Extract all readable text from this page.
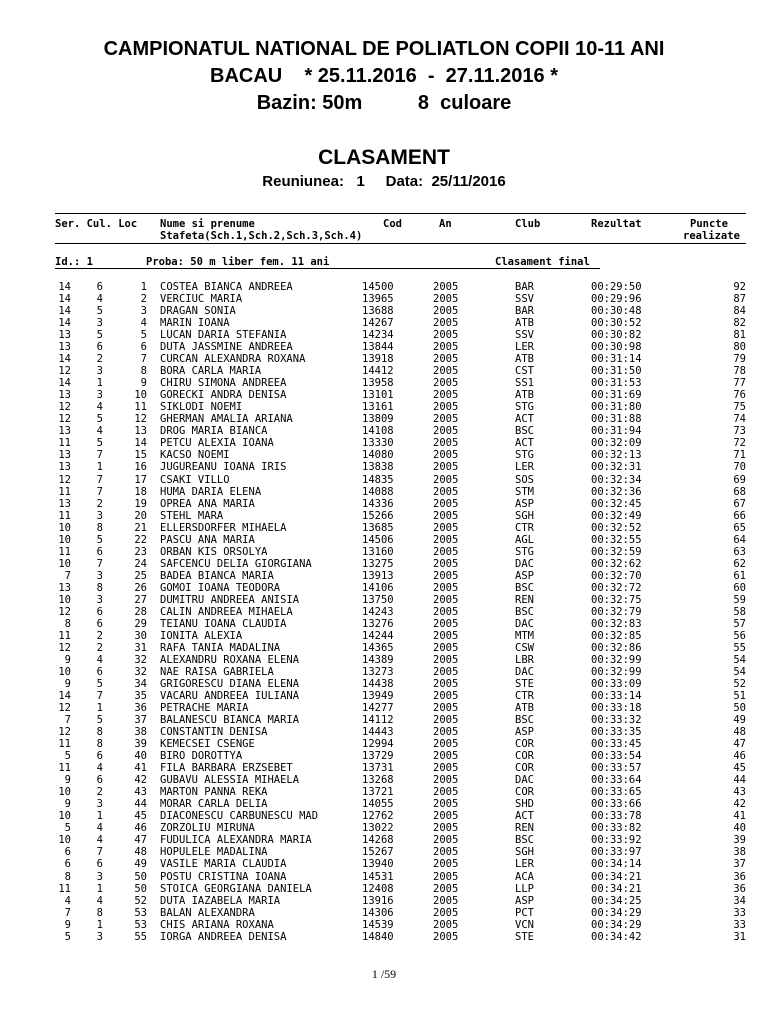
CAMPIONATUL NATIONAL DE POLIATLON COPII 10-11 ANI
BACAU    * 25.11.2016  -  27.11.2016 *
Bazin: 50m          8  culoare
CLASAMENT
Reuniunea:   1     Data:  25/11/2016
Ser. Cul. Loc Nume si prenume
Stafeta(Sch.1,Sch.2,Sch.3,Sch.4)
Cod	An	Club	Rezultat	Puncte
realizate
Id.: 1	Proba: 50 m liber fem. 11 ani	Clasament final
14	6	1 COSTEA BIANCA ANDREEA	14500	2005	BAR	00:29:50	92
14	4	2 VERCIUC MARIA	13965	2005	SSV	00:29:96	87
14	5	3 DRAGAN SONIA	13688	2005	BAR	00:30:48	84
14	3	4 MARIN IOANA	14267	2005	ATB	00:30:52	82
13	5	5 LUCAN DARIA STEFANIA	14234	2005	SSV	00:30:82	81
13	6	6 DUTA JASSMINE ANDREEA	13844	2005	LER	00:30:98	80
14	2	7 CURCAN ALEXANDRA ROXANA	13918	2005	ATB	00:31:14	79
12	3	8 BORA CARLA MARIA	14412	2005	CST	00:31:50	78
14	1	9 CHIRU SIMONA ANDREEA	13958	2005	SS1	00:31:53	77
13	3	10 GORECKI ANDRA DENISA	13101	2005	ATB	00:31:69	76
12	4	11 SIKLODI NOEMI	13161	2005	STG	00:31:80	75
12	5	12 GHERMAN AMALIA ARIANA	13809	2005	ACT	00:31:88	74
13	4	13 DROG MARIA BIANCA	14108	2005	BSC	00:31:94	73
11	5	14 PETCU ALEXIA IOANA	13330	2005	ACT	00:32:09	72
13	7	15 KACSO NOEMI	14080	2005	STG	00:32:13	71
13	1	16 JUGUREANU IOANA IRIS	13838	2005	LER	00:32:31	70
12	7	17 CSAKI VILLO	14835	2005	SOS	00:32:34	69
11	7	18 HUMA DARIA ELENA	14088	2005	STM	00:32:36	68
13	2	19 OPREA ANA MARIA	14336	2005	ASP	00:32:45	67
11	3	20 STEHL MARA	15266	2005	SGH	00:32:49	66
10	8	21 ELLERSDORFER MIHAELA	13685	2005	CTR	00:32:52	65
10	5	22 PASCU ANA MARIA	14506	2005	AGL	00:32:55	64
11	6	23 ORBAN KIS ORSOLYA	13160	2005	STG	00:32:59	63
10	7	24 SAFCENCU DELIA GIORGIANA	13275	2005	DAC	00:32:62	62
7	3	25 BADEA BIANCA MARIA	13913	2005	ASP	00:32:70	61
13	8	26 GOMOI IOANA TEODORA	14106	2005	BSC	00:32:72	60
10	3	27 DUMITRU ANDREEA ANISIA	13750	2005	REN	00:32:75	59
12	6	28 CALIN ANDREEA MIHAELA	14243	2005	BSC	00:32:79	58
8	6	29 TEIANU IOANA CLAUDIA	13276	2005	DAC	00:32:83	57
11	2	30 IONITA ALEXIA	14244	2005	MTM	00:32:85	56
12	2	31 RAFA TANIA MADALINA	14365	2005	CSW	00:32:86	55
9	4	32 ALEXANDRU ROXANA ELENA	14389	2005	LBR	00:32:99	54
10	6	32 NAE RAISA GABRIELA	13273	2005	DAC	00:32:99	54
9	5	34 GRIGORESCU DIANA ELENA	14438	2005	STE	00:33:09	52
14	7	35 VACARU ANDREEA IULIANA	13949	2005	CTR	00:33:14	51
12	1	36 PETRACHE MARIA	14277	2005	ATB	00:33:18	50
7	5	37 BALANESCU BIANCA MARIA	14112	2005	BSC	00:33:32	49
12	8	38 CONSTANTIN DENISA	14443	2005	ASP	00:33:35	48
11	8	39 KEMECSEI CSENGE	12994	2005	COR	00:33:45	47
5	6	40 BIRO DOROTTYA	13729	2005	COR	00:33:54	46
11	4	41 FILA BARBARA ERZSEBET	13731	2005	COR	00:33:57	45
9	6	42 GUBAVU ALESSIA MIHAELA	13268	2005	DAC	00:33:64	44
10	2	43 MARTON PANNA REKA	13721	2005	COR	00:33:65	43
9	3	44 MORAR CARLA DELIA	14055	2005	SHD	00:33:66	42
10	1	45 DIACONESCU CARBUNESCU MAD	12762	2005	ACT	00:33:78	41
5	4	46 ZORZOLIU MIRUNA	13022	2005	REN	00:33:82	40
10	4	47 FUDULICA ALEXANDRA MARIA	14268	2005	BSC	00:33:92	39
6	7	48 HOPULELE MADALINA	15267	2005	SGH	00:33:97	38
6	6	49 VASILE MARIA CLAUDIA	13940	2005	LER	00:34:14	37
8	3	50 POSTU CRISTINA IOANA	14531	2005	ACA	00:34:21	36
11	1	50 STOICA GEORGIANA DANIELA	12408	2005	LLP	00:34:21	36
4	4	52 DUTA IAZABELA MARIA	13916	2005	ASP	00:34:25	34
7	8	53 BALAN ALEXANDRA	14306	2005	PCT	00:34:29	33
9	1	53 CHIS ARIANA ROXANA	14539	2005	VCN	00:34:29	33
5	3	55 IORGA ANDREEA DENISA	14840	2005	STE	00:34:42	31
1 /59
